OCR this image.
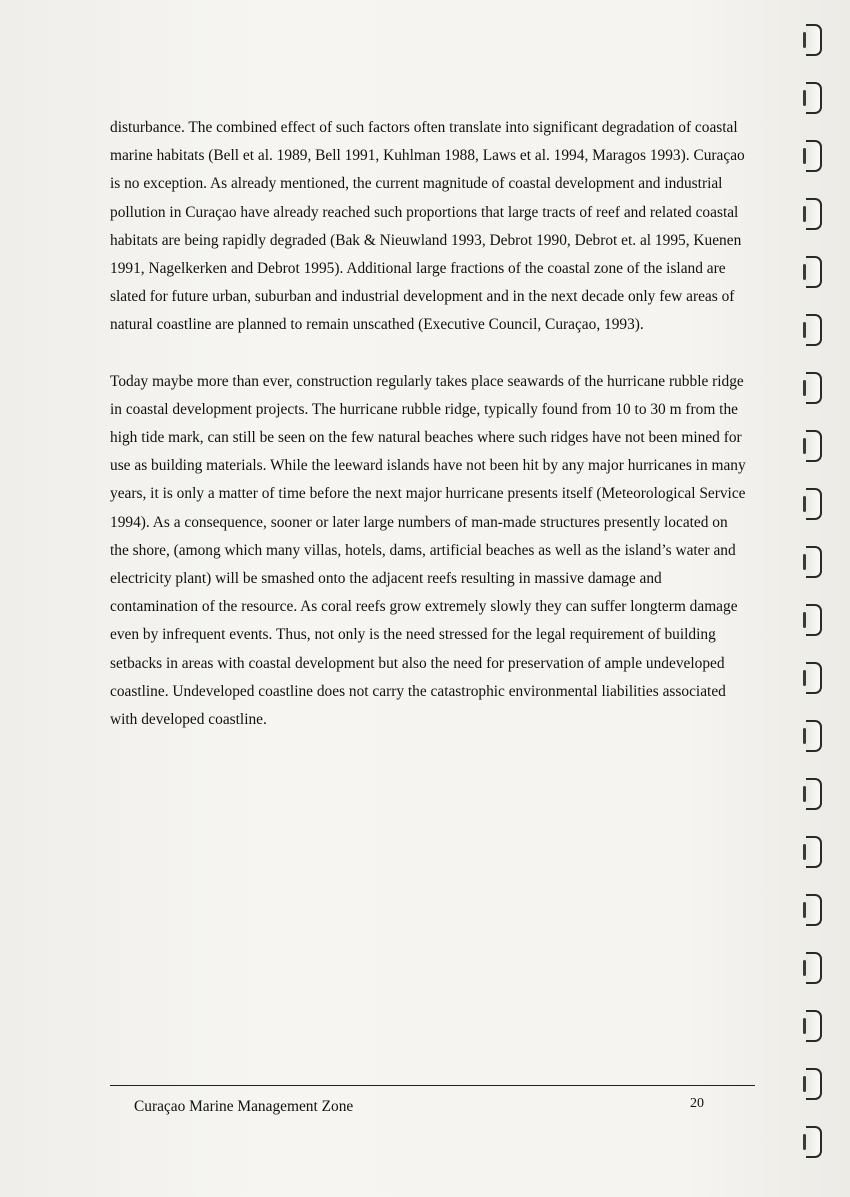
disturbance. The combined effect of such factors often translate into significant degradation of coastal marine habitats (Bell et al. 1989, Bell 1991, Kuhlman 1988, Laws et al. 1994, Maragos 1993). Curaçao is no exception. As already mentioned, the current magnitude of coastal development and industrial pollution in Curaçao have already reached such proportions that large tracts of reef and related coastal habitats are being rapidly degraded (Bak & Nieuwland 1993, Debrot 1990, Debrot et. al 1995, Kuenen 1991, Nagelkerken and Debrot 1995). Additional large fractions of the coastal zone of the island are slated for future urban, suburban and industrial development and in the next decade only few areas of natural coastline are planned to remain unscathed (Executive Council, Curaçao, 1993).

Today maybe more than ever, construction regularly takes place seawards of the hurricane rubble ridge in coastal development projects. The hurricane rubble ridge, typically found from 10 to 30 m from the high tide mark, can still be seen on the few natural beaches where such ridges have not been mined for use as building materials. While the leeward islands have not been hit by any major hurricanes in many years, it is only a matter of time before the next major hurricane presents itself (Meteorological Service 1994). As a consequence, sooner or later large numbers of man-made structures presently located on the shore, (among which many villas, hotels, dams, artificial beaches as well as the island’s water and electricity plant) will be smashed onto the adjacent reefs resulting in massive damage and contamination of the resource. As coral reefs grow extremely slowly they can suffer longterm damage even by infrequent events. Thus, not only is the need stressed for the legal requirement of building setbacks in areas with coastal development but also the need for preservation of ample undeveloped coastline. Undeveloped coastline does not carry the catastrophic environmental liabilities associated with developed coastline.

Curaçao Marine Management Zone	20
